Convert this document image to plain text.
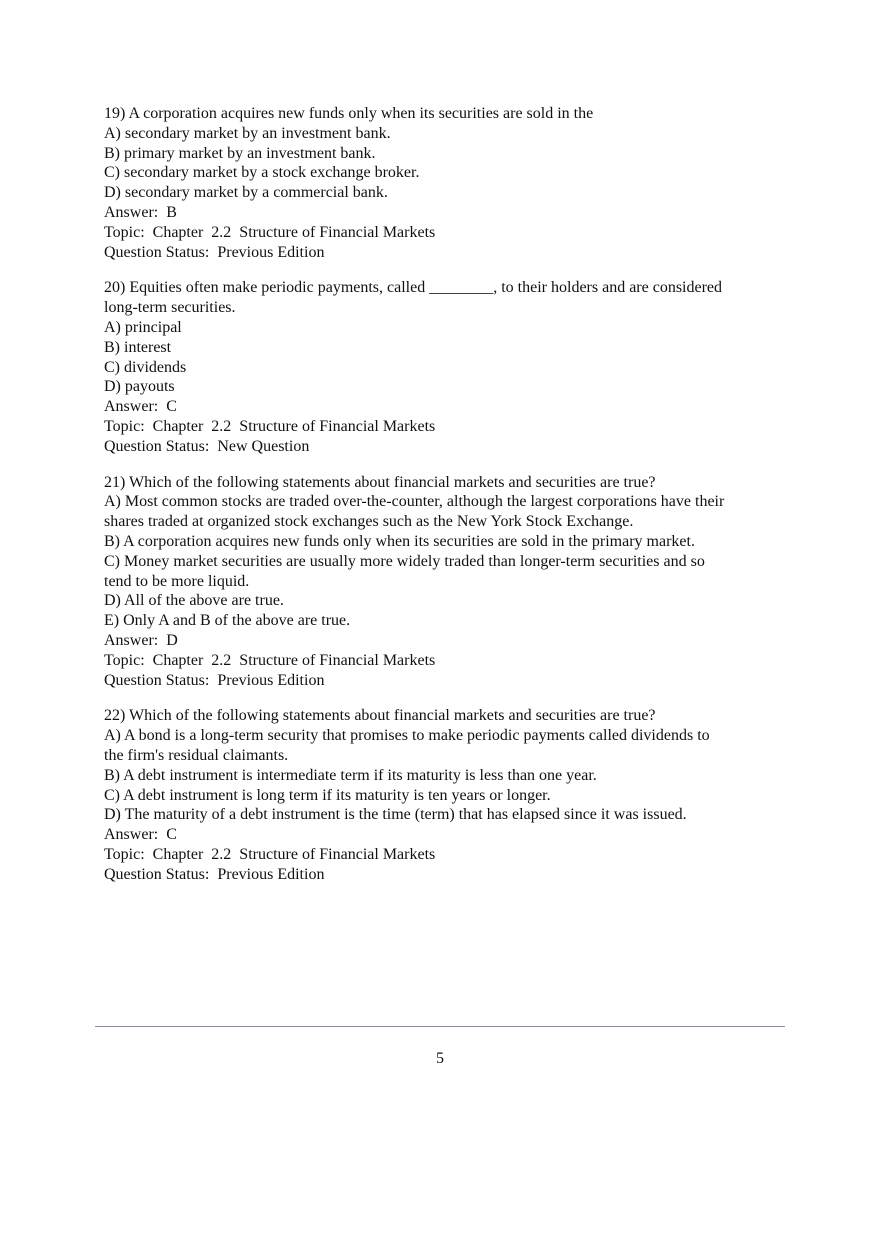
19) A corporation acquires new funds only when its securities are sold in the

A) secondary market by an investment bank.

B) primary market by an investment bank.

C) secondary market by a stock exchange broker.

D) secondary market by a commercial bank.

Answer:  B

Topic:  Chapter  2.2  Structure of Financial Markets

Question Status:  Previous Edition

20) Equities often make periodic payments, called ________, to their holders and are considered

long-term securities.

A) principal

B) interest

C) dividends

D) payouts

Answer:  C

Topic:  Chapter  2.2  Structure of Financial Markets

Question Status:  New Question

21) Which of the following statements about financial markets and securities are true?

A) Most common stocks are traded over-the-counter, although the largest corporations have their

shares traded at organized stock exchanges such as the New York Stock Exchange.

B) A corporation acquires new funds only when its securities are sold in the primary market.

C) Money market securities are usually more widely traded than longer-term securities and so

tend to be more liquid.

D) All of the above are true.

E) Only A and B of the above are true.

Answer:  D

Topic:  Chapter  2.2  Structure of Financial Markets

Question Status:  Previous Edition

22) Which of the following statements about financial markets and securities are true?

A) A bond is a long-term security that promises to make periodic payments called dividends to

the firm's residual claimants.

B) A debt instrument is intermediate term if its maturity is less than one year.

C) A debt instrument is long term if its maturity is ten years or longer.

D) The maturity of a debt instrument is the time (term) that has elapsed since it was issued.

Answer:  C

Topic:  Chapter  2.2  Structure of Financial Markets

Question Status:  Previous Edition

5
